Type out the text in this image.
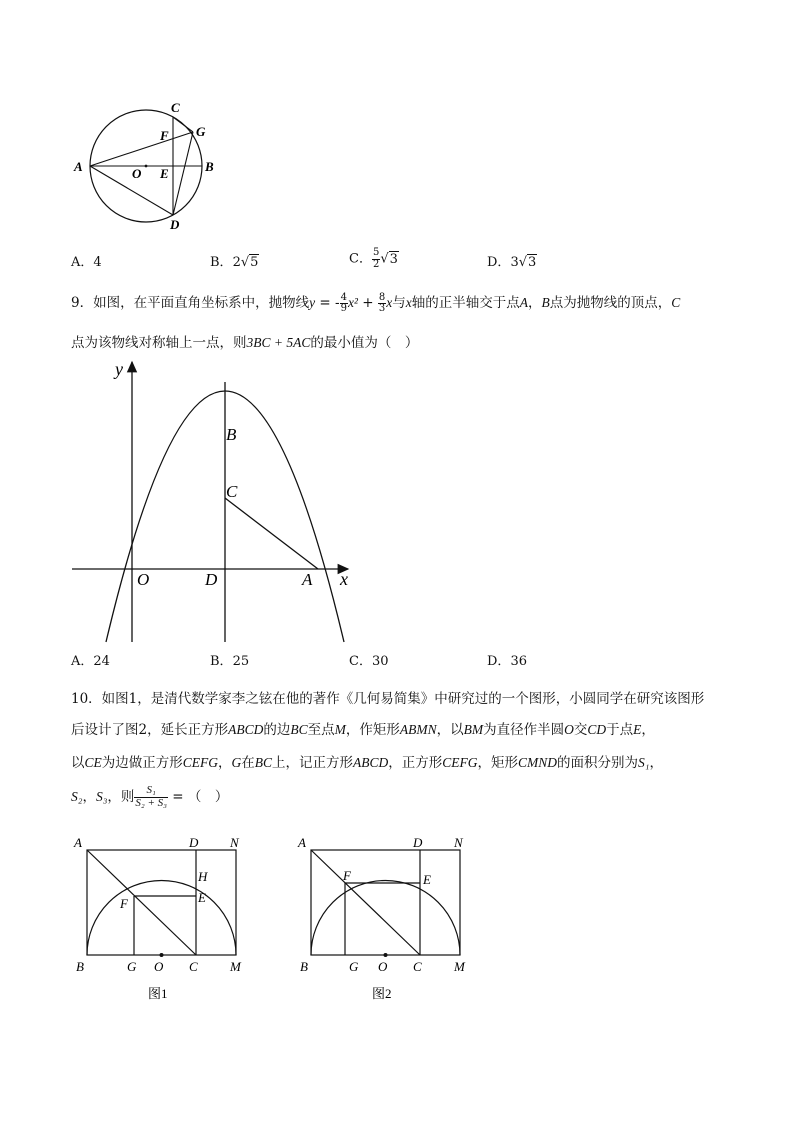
C
F G
A	O E	B
D
A．4	B．2√5	C． $\frac{5}{2} √3$	D．3√3
9．如图，在平面直角坐标系中，抛物线y = - $\frac{4}{9} x^2 + \frac{8}{3}$ x与x轴的正半轴交于点A，B点为抛物线的顶点，C
点为该物线对称轴上一点，则3BC + 5AC的最小值为（　）
y
x
B
C
O	D	A
A．24	B．25	C．30	D．36
10．如图1，是清代数学家李之铉在他的著作《几何易简集》中研究过的一个图形，小圆同学在研究该图形
后设计了图2，延长正方形ABCD的边BC至点M，作矩形ABMN，以BM为直径作半圆O交CD于点E，
以CE为边做正方形CEFG，G在BC上，记正方形ABCD，正方形CEFG，矩形CMND的面积分别为S₁，
S₂，S₃，则 $\frac{\text{S₁}}{\text{S₂ + S₃}}$ = （　）
A	D N
H
F	E
B	G O C M
图1
A	D N
F	E
B	G O C M
图2
